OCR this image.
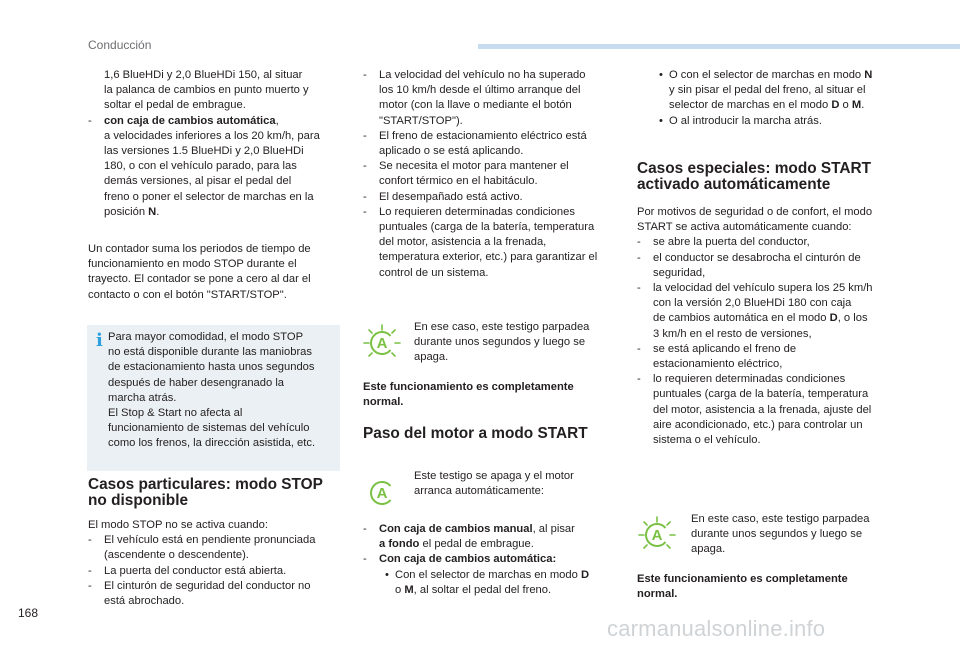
Conducción

1,6 BlueHDi y 2,0 BlueHDi 150, al situar

la palanca de cambios en punto muerto y

soltar el pedal de embrague.

-	con caja de cambios automática,

a velocidades inferiores a los 20 km/h, para

las versiones 1.5 BlueHDi y 2,0 BlueHDi

180, o con el vehículo parado, para las

demás versiones, al pisar el pedal del

freno o poner el selector de marchas en la

posición N.

Un contador suma los periodos de tiempo de

funcionamiento en modo STOP durante el

trayecto. El contador se pone a cero al dar el

contacto o con el botón "START/STOP".

i Para mayor comodidad, el modo STOP

no está disponible durante las maniobras

de estacionamiento hasta unos segundos

después de haber desengranado la

marcha atrás.

El Stop & Start no afecta al

funcionamiento de sistemas del vehículo

como los frenos, la dirección asistida, etc.

Casos particulares: modo STOP
no disponible

El modo STOP no se activa cuando:

-	El vehículo está en pendiente pronunciada

(ascendente o descendente).

-	La puerta del conductor está abierta.

-	El cinturón de seguridad del conductor no

está abrochado.

-	La velocidad del vehículo no ha superado

los 10 km/h desde el último arranque del

motor (con la llave o mediante el botón

"START/STOP").

-	El freno de estacionamiento eléctrico está

aplicado o se está aplicando.

-	Se necesita el motor para mantener el

confort térmico en el habitáculo.

-	El desempañado está activo.

-	Lo requieren determinadas condiciones

puntuales (carga de la batería, temperatura

del motor, asistencia a la frenada,

temperatura exterior, etc.) para garantizar el

control de un sistema.

A

En ese caso, este testigo parpadea

durante unos segundos y luego se

apaga.

Este funcionamiento es completamente

normal.

Paso del motor a modo START
A

Este testigo se apaga y el motor

arranca automáticamente:

-	Con caja de cambios manual, al pisar

a fondo el pedal de embrague.

-	Con caja de cambios automática:

• Con el selector de marchas en modo D

o M, al soltar el pedal del freno.

• O con el selector de marchas en modo N

y sin pisar el pedal del freno, al situar el

selector de marchas en el modo D o M.

• O al introducir la marcha atrás.

Casos especiales: modo START
activado automáticamente

Por motivos de seguridad o de confort, el modo

START se activa automáticamente cuando:

-	se abre la puerta del conductor,

-	el conductor se desabrocha el cinturón de

seguridad,

-	la velocidad del vehículo supera los 25 km/h

con la versión 2,0 BlueHDi 180 con caja

de cambios automática en el modo D, o los

3 km/h en el resto de versiones,

-	se está aplicando el freno de

estacionamiento eléctrico,

-	lo requieren determinadas condiciones

puntuales (carga de la batería, temperatura

del motor, asistencia a la frenada, ajuste del

aire acondicionado, etc.) para controlar un

sistema o el vehículo.

A

En este caso, este testigo parpadea

durante unos segundos y luego se

apaga.

Este funcionamiento es completamente

normal.

168
carmanualsonline.info
